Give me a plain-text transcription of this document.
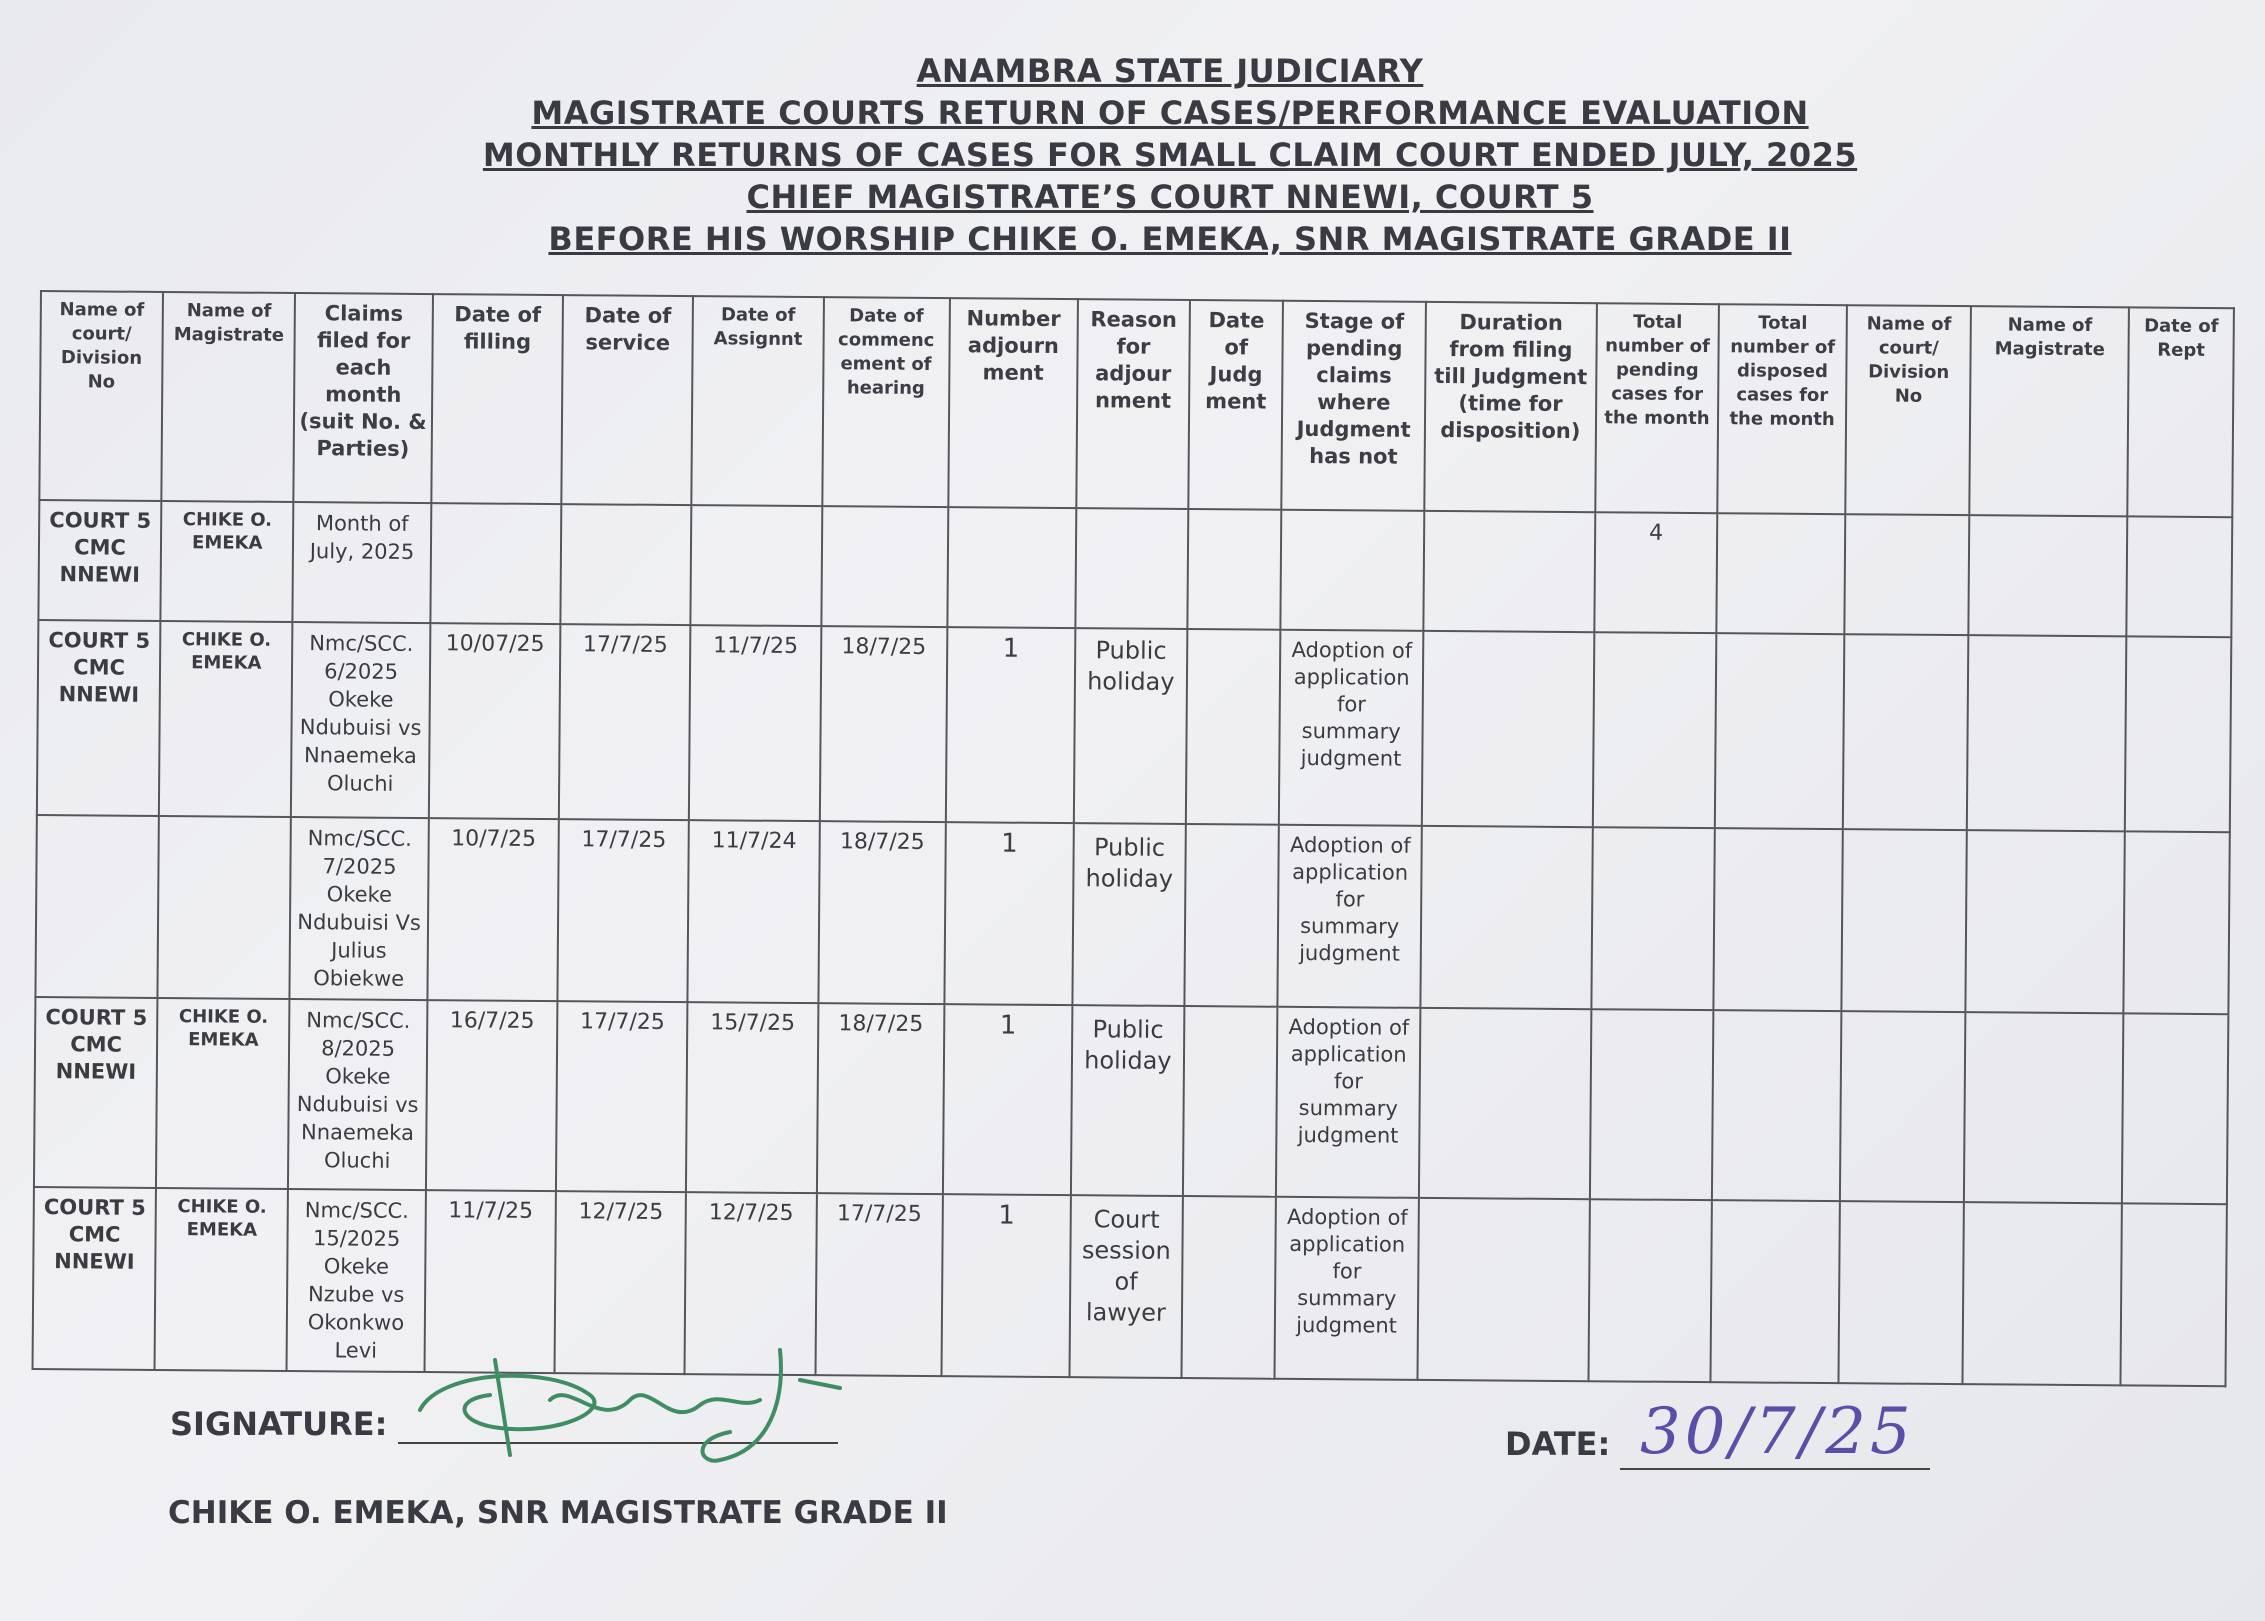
ANAMBRA STATE JUDICIARY
MAGISTRATE COURTS RETURN OF CASES/PERFORMANCE EVALUATION
MONTHLY RETURNS OF CASES FOR SMALL CLAIM COURT ENDED JULY, 2025
CHIEF MAGISTRATE’S COURT NNEWI, COURT 5
BEFORE HIS WORSHIP CHIKE O. EMEKA, SNR MAGISTRATE GRADE II
Name of court/ Division No	Name of Magistrate	Claims filed for each month (suit No. & Parties)	Date of filling	Date of service	Date of Assignnt	Date of commenc ement of hearing	Number adjourn ment	Reason for adjour nment	Date of Judg ment	Stage of pending claims where Judgment has not	Duration from filing till Judgment (time for disposition)	Total number of pending cases for the month	Total number of disposed cases for the month	Name of court/ Division No	Name of Magistrate	Date of Rept
COURT 5 CMC NNEWI	CHIKE O. EMEKA	Month of July, 2025										4				
COURT 5 CMC NNEWI	CHIKE O. EMEKA	Nmc/SCC. 6/2025 Okeke Ndubuisi vs Nnaemeka Oluchi	10/07/25	17/7/25	11/7/25	18/7/25	1	Public holiday		Adoption of application for summary judgment						
		Nmc/SCC. 7/2025 Okeke Ndubuisi Vs Julius Obiekwe	10/7/25	17/7/25	11/7/24	18/7/25	1	Public holiday		Adoption of application for summary judgment						
COURT 5 CMC NNEWI	CHIKE O. EMEKA	Nmc/SCC. 8/2025 Okeke Ndubuisi vs Nnaemeka Oluchi	16/7/25	17/7/25	15/7/25	18/7/25	1	Public holiday		Adoption of application for summary judgment						
COURT 5 CMC NNEWI	CHIKE O. EMEKA	Nmc/SCC. 15/2025 Okeke Nzube vs Okonkwo Levi	11/7/25	12/7/25	12/7/25	17/7/25	1	Court session of lawyer		Adoption of application for summary judgment						
SIGNATURE:
DATE: 30/7/25
CHIKE O. EMEKA, SNR MAGISTRATE GRADE II
